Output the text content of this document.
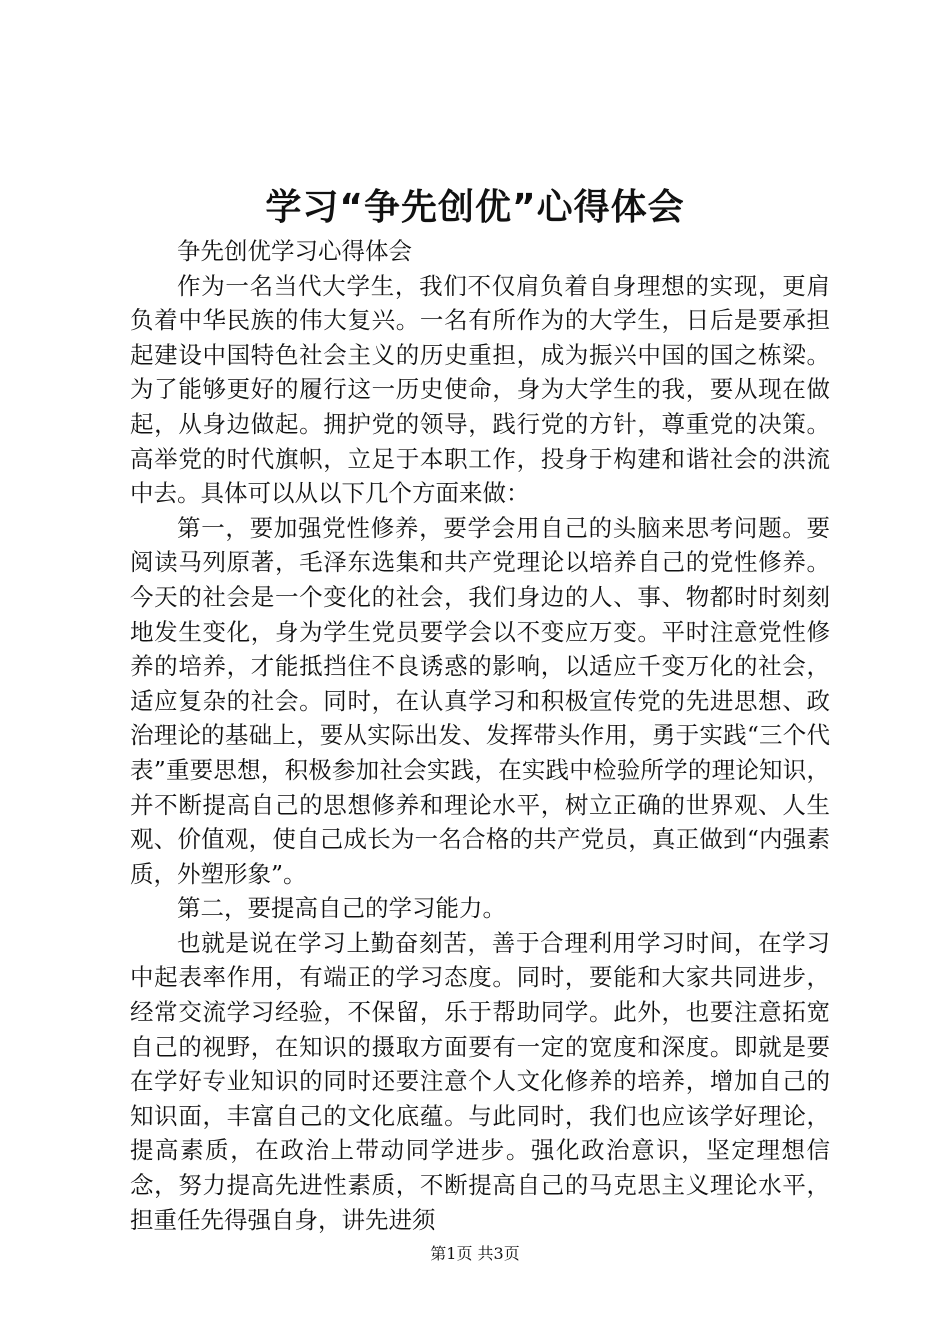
学习“争先创优”心得体会

争先创优学习心得体会

作为一名当代大学生，我们不仅肩负着自身理想的实现，更肩负着中华民族的伟大复兴。一名有所作为的大学生，日后是要承担起建设中国特色社会主义的历史重担，成为振兴中国的国之栋梁。为了能够更好的履行这一历史使命，身为大学生的我，要从现在做起，从身边做起。拥护党的领导，践行党的方针，尊重党的决策。高举党的时代旗帜，立足于本职工作，投身于构建和谐社会的洪流中去。具体可以从以下几个方面来做：

第一，要加强党性修养，要学会用自己的头脑来思考问题。要阅读马列原著，毛泽东选集和共产党理论以培养自己的党性修养。今天的社会是一个变化的社会，我们身边的人、事、物都时时刻刻地发生变化，身为学生党员要学会以不变应万变。平时注意党性修养的培养，才能抵挡住不良诱惑的影响，以适应千变万化的社会，适应复杂的社会。同时，在认真学习和积极宣传党的先进思想、政治理论的基础上，要从实际出发、发挥带头作用，勇于实践“三个代表”重要思想，积极参加社会实践，在实践中检验所学的理论知识，并不断提高自己的思想修养和理论水平，树立正确的世界观、人生观、价值观，使自己成长为一名合格的共产党员，真正做到“内强素质，外塑形象”。

第二，要提高自己的学习能力。

也就是说在学习上勤奋刻苦，善于合理利用学习时间，在学习中起表率作用，有端正的学习态度。同时，要能和大家共同进步，经常交流学习经验，不保留，乐于帮助同学。此外，也要注意拓宽自己的视野，在知识的摄取方面要有一定的宽度和深度。即就是要在学好专业知识的同时还要注意个人文化修养的培养，增加自己的知识面，丰富自己的文化底蕴。与此同时，我们也应该学好理论，提高素质，在政治上带动同学进步。强化政治意识，坚定理想信念，努力提高先进性素质，不断提高自己的马克思主义理论水平，担重任先得强自身，讲先进须

第1页 共3页
